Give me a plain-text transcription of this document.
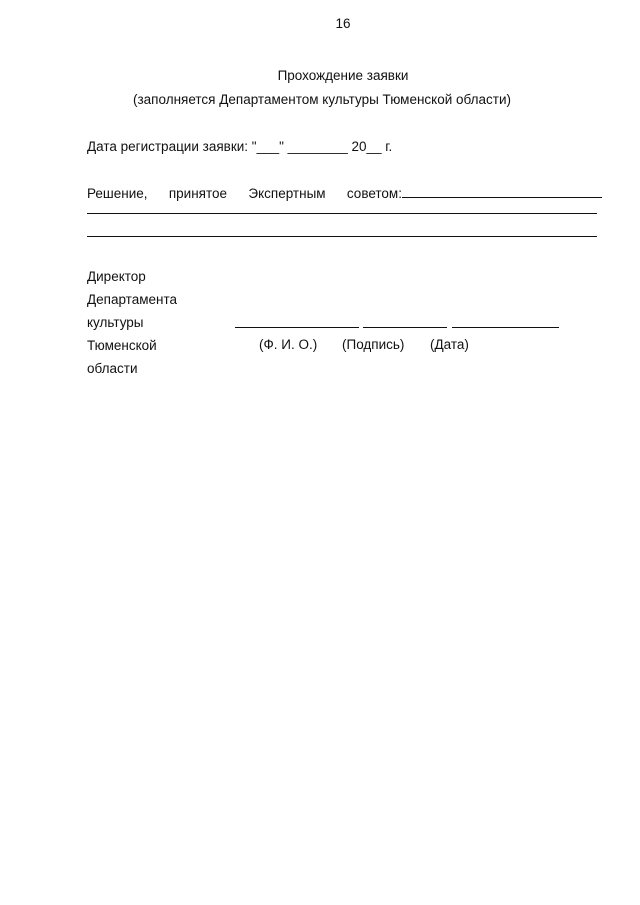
16
Прохождение заявки
(заполняется Департаментом культуры Тюменской области)
Дата регистрации заявки: "___" ________ 20__ г.
Решение, принятое Экспертным советом:
Директор
Департамента
культуры
Тюменской
области
(Ф. И. О.) (Подпись) (Дата)
